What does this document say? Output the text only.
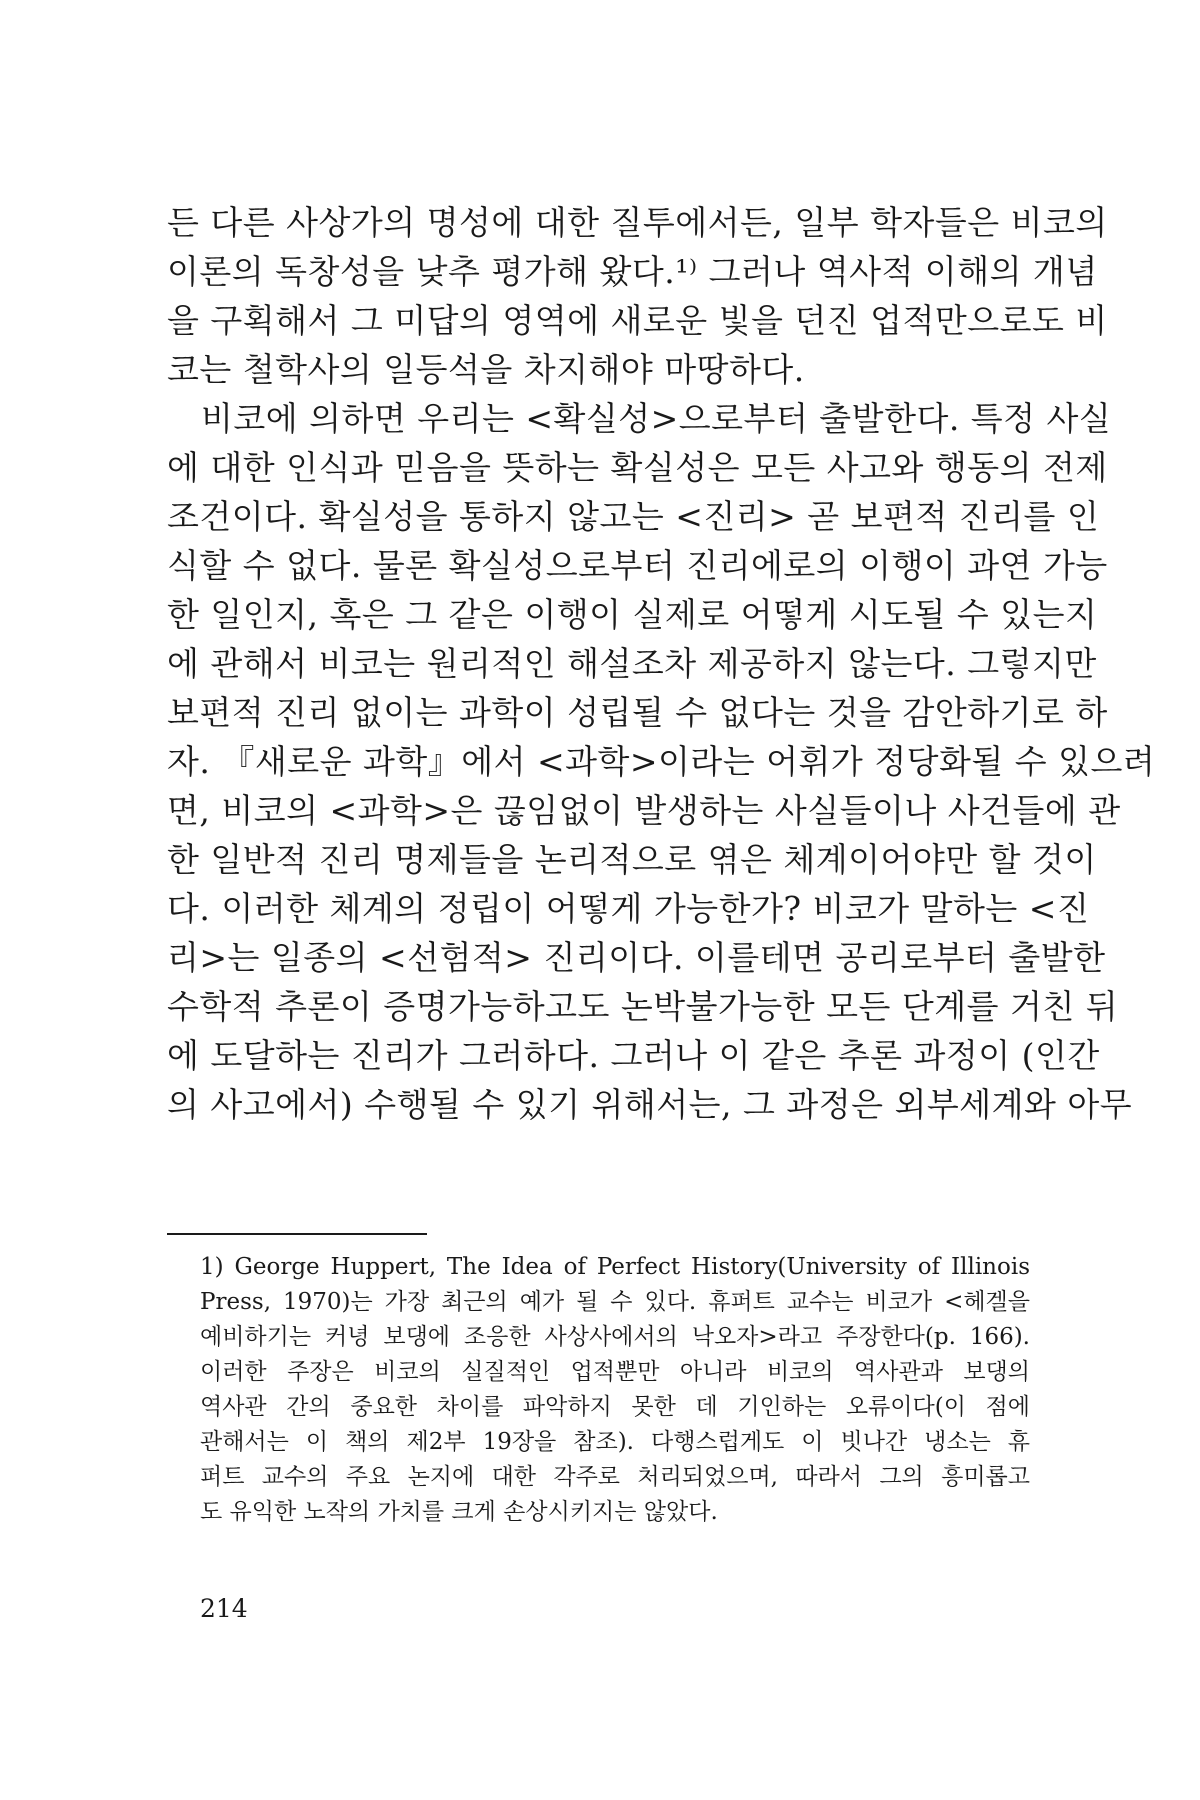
든 다른 사상가의 명성에 대한 질투에서든, 일부 학자들은 비코의
이론의 독창성을 낮추 평가해 왔다.¹⁾ 그러나 역사적 이해의 개념
을 구획해서 그 미답의 영역에 새로운 빛을 던진 업적만으로도 비
코는 철학사의 일등석을 차지해야 마땅하다.
비코에 의하면 우리는 <확실성>으로부터 출발한다. 특정 사실
에 대한 인식과 믿음을 뜻하는 확실성은 모든 사고와 행동의 전제
조건이다. 확실성을 통하지 않고는 <진리> 곧 보편적 진리를 인
식할 수 없다. 물론 확실성으로부터 진리에로의 이행이 과연 가능
한 일인지, 혹은 그 같은 이행이 실제로 어떻게 시도될 수 있는지
에 관해서 비코는 원리적인 해설조차 제공하지 않는다. 그렇지만
보편적 진리 없이는 과학이 성립될 수 없다는 것을 감안하기로 하
자. 『새로운 과학』에서 <과학>이라는 어휘가 정당화될 수 있으려
면, 비코의 <과학>은 끊임없이 발생하는 사실들이나 사건들에 관
한 일반적 진리 명제들을 논리적으로 엮은 체계이어야만 할 것이
다. 이러한 체계의 정립이 어떻게 가능한가? 비코가 말하는 <진
리>는 일종의 <선험적> 진리이다. 이를테면 공리로부터 출발한
수학적 추론이 증명가능하고도 논박불가능한 모든 단계를 거친 뒤
에 도달하는 진리가 그러하다. 그러나 이 같은 추론 과정이 (인간
의 사고에서) 수행될 수 있기 위해서는, 그 과정은 외부세계와 아무
1) George Huppert, The Idea of Perfect History(University of Illinois
Press, 1970)는 가장 최근의 예가 될 수 있다. 휴퍼트 교수는 비코가 <헤겔을
예비하기는 커녕 보댕에 조응한 사상사에서의 낙오자>라고 주장한다(p. 166).
이러한 주장은 비코의 실질적인 업적뿐만 아니라 비코의 역사관과 보댕의
역사관 간의 중요한 차이를 파악하지 못한 데 기인하는 오류이다(이 점에
관해서는 이 책의 제2부 19장을 참조). 다행스럽게도 이 빗나간 냉소는 휴
퍼트 교수의 주요 논지에 대한 각주로 처리되었으며, 따라서 그의 흥미롭고
도 유익한 노작의 가치를 크게 손상시키지는 않았다.
214
